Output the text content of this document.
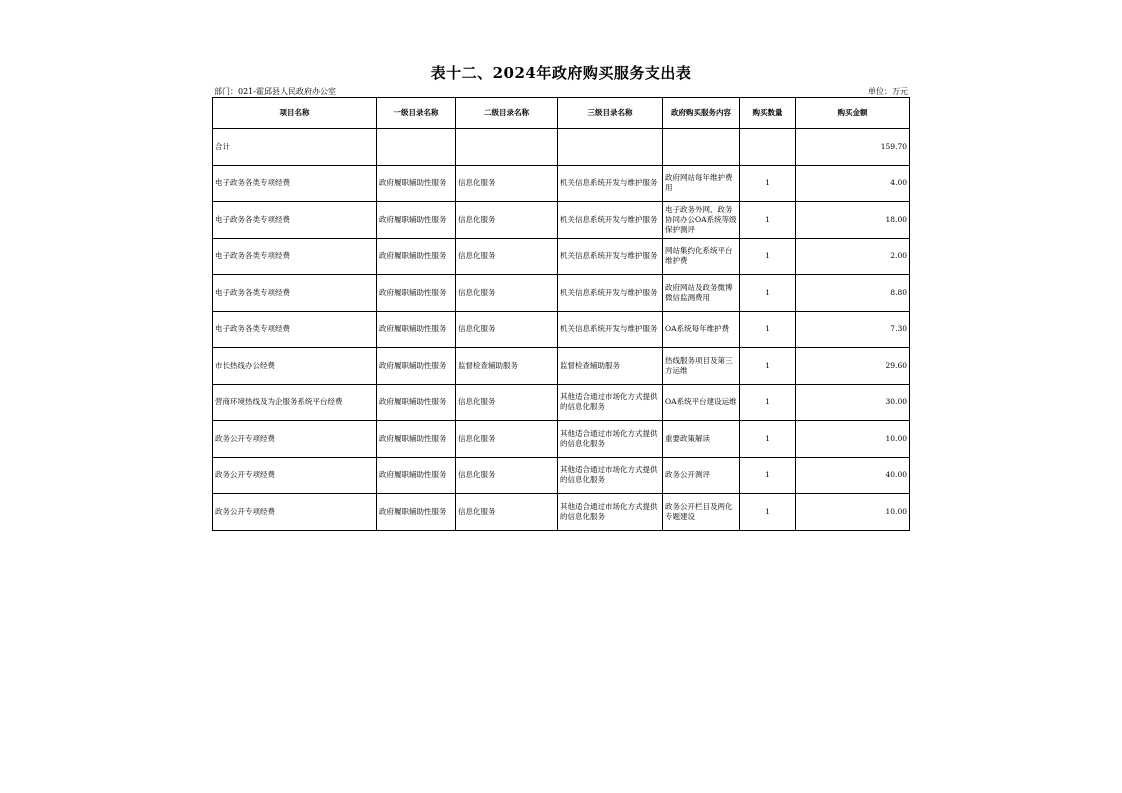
表十二、2024年政府购买服务支出表
部门：021-霍邱县人民政府办公室	单位：万元
项目名称	一级目录名称	二级目录名称	三级目录名称	政府购买服务内容	购买数量	购买金额
合计						159.70
电子政务各类专项经费	政府履职辅助性服务	信息化服务	机关信息系统开发与维护服务	政府网站每年维护费用	1	4.00
电子政务各类专项经费	政府履职辅助性服务	信息化服务	机关信息系统开发与维护服务	电子政务外网、政务协同办公OA系统等级保护测评	1	18.00
电子政务各类专项经费	政府履职辅助性服务	信息化服务	机关信息系统开发与维护服务	网站集约化系统平台维护费	1	2.00
电子政务各类专项经费	政府履职辅助性服务	信息化服务	机关信息系统开发与维护服务	政府网站及政务微博微信监测费用	1	8.80
电子政务各类专项经费	政府履职辅助性服务	信息化服务	机关信息系统开发与维护服务	OA系统每年维护费	1	7.30
市长热线办公经费	政府履职辅助性服务	监督检查辅助服务	监督检查辅助服务	热线服务项目及第三方运维	1	29.60
营商环境热线及为企服务系统平台经费	政府履职辅助性服务	信息化服务	其他适合通过市场化方式提供的信息化服务	OA系统平台建设运维	1	30.00
政务公开专项经费	政府履职辅助性服务	信息化服务	其他适合通过市场化方式提供的信息化服务	重要政策解读	1	10.00
政务公开专项经费	政府履职辅助性服务	信息化服务	其他适合通过市场化方式提供的信息化服务	政务公开测评	1	40.00
政务公开专项经费	政府履职辅助性服务	信息化服务	其他适合通过市场化方式提供的信息化服务	政务公开栏目及两化专题建设	1	10.00
